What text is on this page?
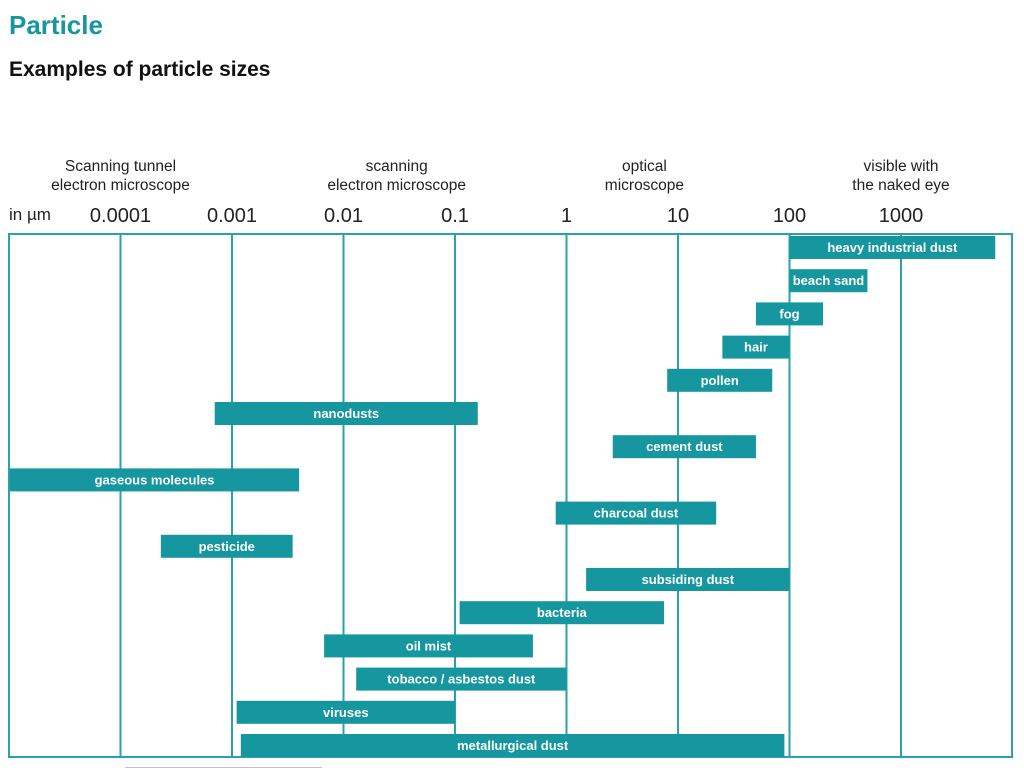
Particle
Examples of particle sizes
Scanning tunnel
electron microscope
scanning
electron microscope
optical
microscope
visible with
the naked eye
in µm 0.0001	0.001	0.01	0.1	1	10	100	1000
heavy industrial dust
beach sand
fog
hair
pollen
nanodusts
cement dust
gaseous molecules
charcoal dust
pesticide
subsiding dust
bacteria
oil mist
tobacco / asbestos dust
viruses
metallurgical dust
